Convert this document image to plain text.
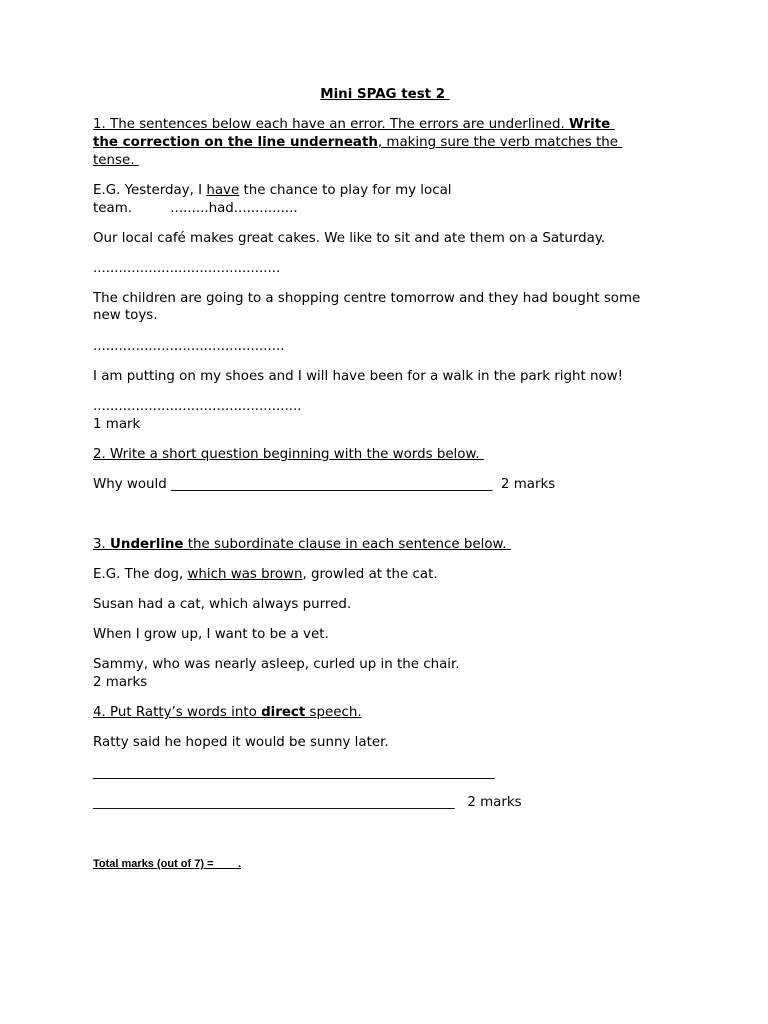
Mini SPAG test 2
1. The sentences below each have an error. The errors are underlined. Write
the correction on the line underneath, making sure the verb matches the
tense.
E.G. Yesterday, I have the chance to play for my local
team.         .........had...............
Our local café makes great cakes. We like to sit and ate them on a Saturday.
............................................
The children are going to a shopping centre tomorrow and they had bought some
new toys.
.............................................
I am putting on my shoes and I will have been for a walk in the park right now!
.................................................
1 mark
2. Write a short question beginning with the words below.
Why would ________________________________________________  2 marks
3. Underline the subordinate clause in each sentence below.
E.G. The dog, which was brown, growled at the cat.
Susan had a cat, which always purred.
When I grow up, I want to be a vet.
Sammy, who was nearly asleep, curled up in the chair.
2 marks
4. Put Ratty’s words into direct speech.
Ratty said he hoped it would be sunny later.
____________________________________________________________
______________________________________________________   2 marks
Total marks (out of 7) =        .
